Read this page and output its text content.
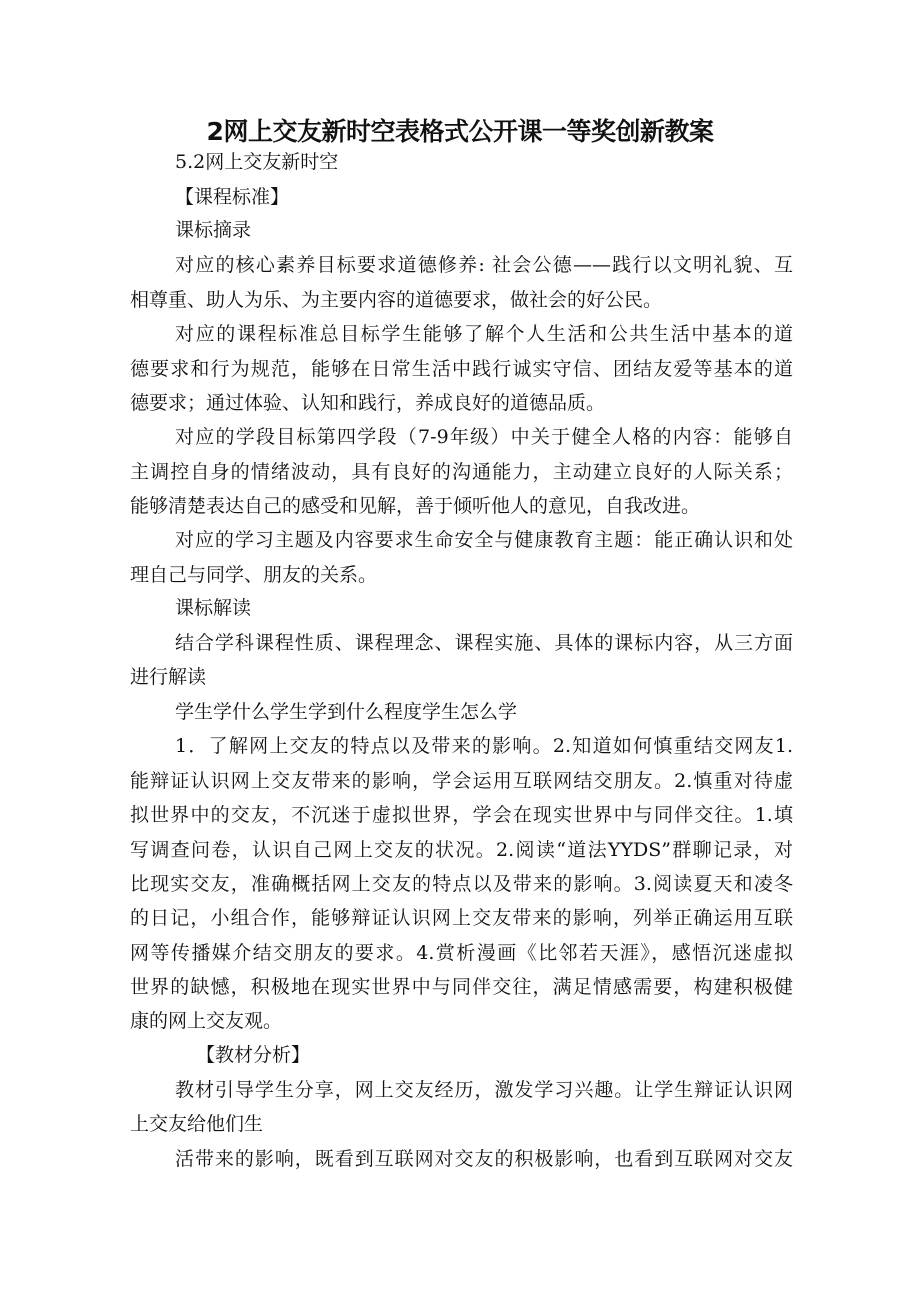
2网上交友新时空表格式公开课一等奖创新教案
5.2网上交友新时空
【课程标准】
课标摘录
对应的核心素养目标要求道德修养: 社会公德——践行以文明礼貌、互
相尊重、助人为乐、为主要内容的道德要求，做社会的好公民。
对应的课程标准总目标学生能够了解个人生活和公共生活中基本的道
德要求和行为规范，能够在日常生活中践行诚实守信、团结友爱等基本的道
德要求；通过体验、认知和践行，养成良好的道德品质。
对应的学段目标第四学段（7-9年级）中关于健全人格的内容：能够自
主调控自身的情绪波动，具有良好的沟通能力，主动建立良好的人际关系；
能够清楚表达自己的感受和见解，善于倾听他人的意见，自我改进。
对应的学习主题及内容要求生命安全与健康教育主题：能正确认识和处
理自己与同学、朋友的关系。
课标解读
结合学科课程性质、课程理念、课程实施、具体的课标内容，从三方面
进行解读
学生学什么学生学到什么程度学生怎么学
1．了解网上交友的特点以及带来的影响。2.知道如何慎重结交网友1.
能辩证认识网上交友带来的影响，学会运用互联网结交朋友。2.慎重对待虚
拟世界中的交友，不沉迷于虚拟世界，学会在现实世界中与同伴交往。1.填
写调查问卷，认识自己网上交友的状况。2.阅读“道法YYDS”群聊记录，对
比现实交友，准确概括网上交友的特点以及带来的影响。3.阅读夏天和凌冬
的日记，小组合作，能够辩证认识网上交友带来的影响，列举正确运用互联
网等传播媒介结交朋友的要求。4.赏析漫画《比邻若天涯》，感悟沉迷虚拟
世界的缺憾，积极地在现实世界中与同伴交往，满足情感需要，构建积极健
康的网上交友观。
【教材分析】
教材引导学生分享，网上交友经历，激发学习兴趣。让学生辩证认识网
上交友给他们生
活带来的影响，既看到互联网对交友的积极影响，也看到互联网对交友
